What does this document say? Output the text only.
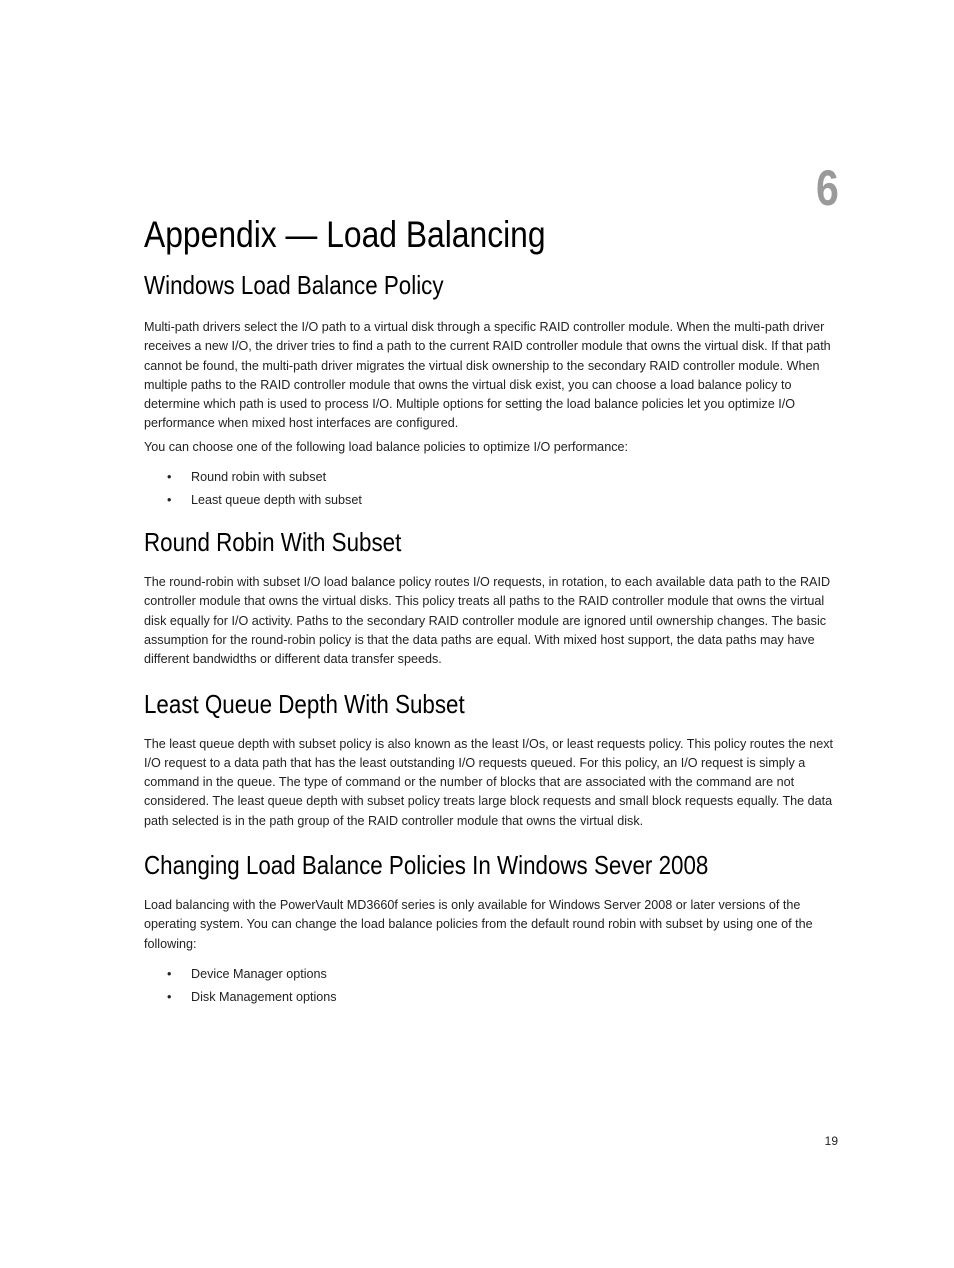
6
Appendix — Load Balancing
Windows Load Balance Policy

Multi-path drivers select the I/O path to a virtual disk through a specific RAID controller module. When the multi-path driver receives a new I/O, the driver tries to find a path to the current RAID controller module that owns the virtual disk. If that path cannot be found, the multi-path driver migrates the virtual disk ownership to the secondary RAID controller module. When multiple paths to the RAID controller module that owns the virtual disk exist, you can choose a load balance policy to determine which path is used to process I/O. Multiple options for setting the load balance policies let you optimize I/O performance when mixed host interfaces are configured.

You can choose one of the following load balance policies to optimize I/O performance:

• Round robin with subset
• Least queue depth with subset
Round Robin With Subset

The round-robin with subset I/O load balance policy routes I/O requests, in rotation, to each available data path to the RAID controller module that owns the virtual disks. This policy treats all paths to the RAID controller module that owns the virtual disk equally for I/O activity. Paths to the secondary RAID controller module are ignored until ownership changes. The basic assumption for the round-robin policy is that the data paths are equal. With mixed host support, the data paths may have different bandwidths or different data transfer speeds.

Least Queue Depth With Subset

The least queue depth with subset policy is also known as the least I/Os, or least requests policy. This policy routes the next I/O request to a data path that has the least outstanding I/O requests queued. For this policy, an I/O request is simply a command in the queue. The type of command or the number of blocks that are associated with the command are not considered. The least queue depth with subset policy treats large block requests and small block requests equally. The data path selected is in the path group of the RAID controller module that owns the virtual disk.

Changing Load Balance Policies In Windows Sever 2008

Load balancing with the PowerVault MD3660f series is only available for Windows Server 2008 or later versions of the operating system. You can change the load balance policies from the default round robin with subset by using one of the following:

• Device Manager options
• Disk Management options
19
